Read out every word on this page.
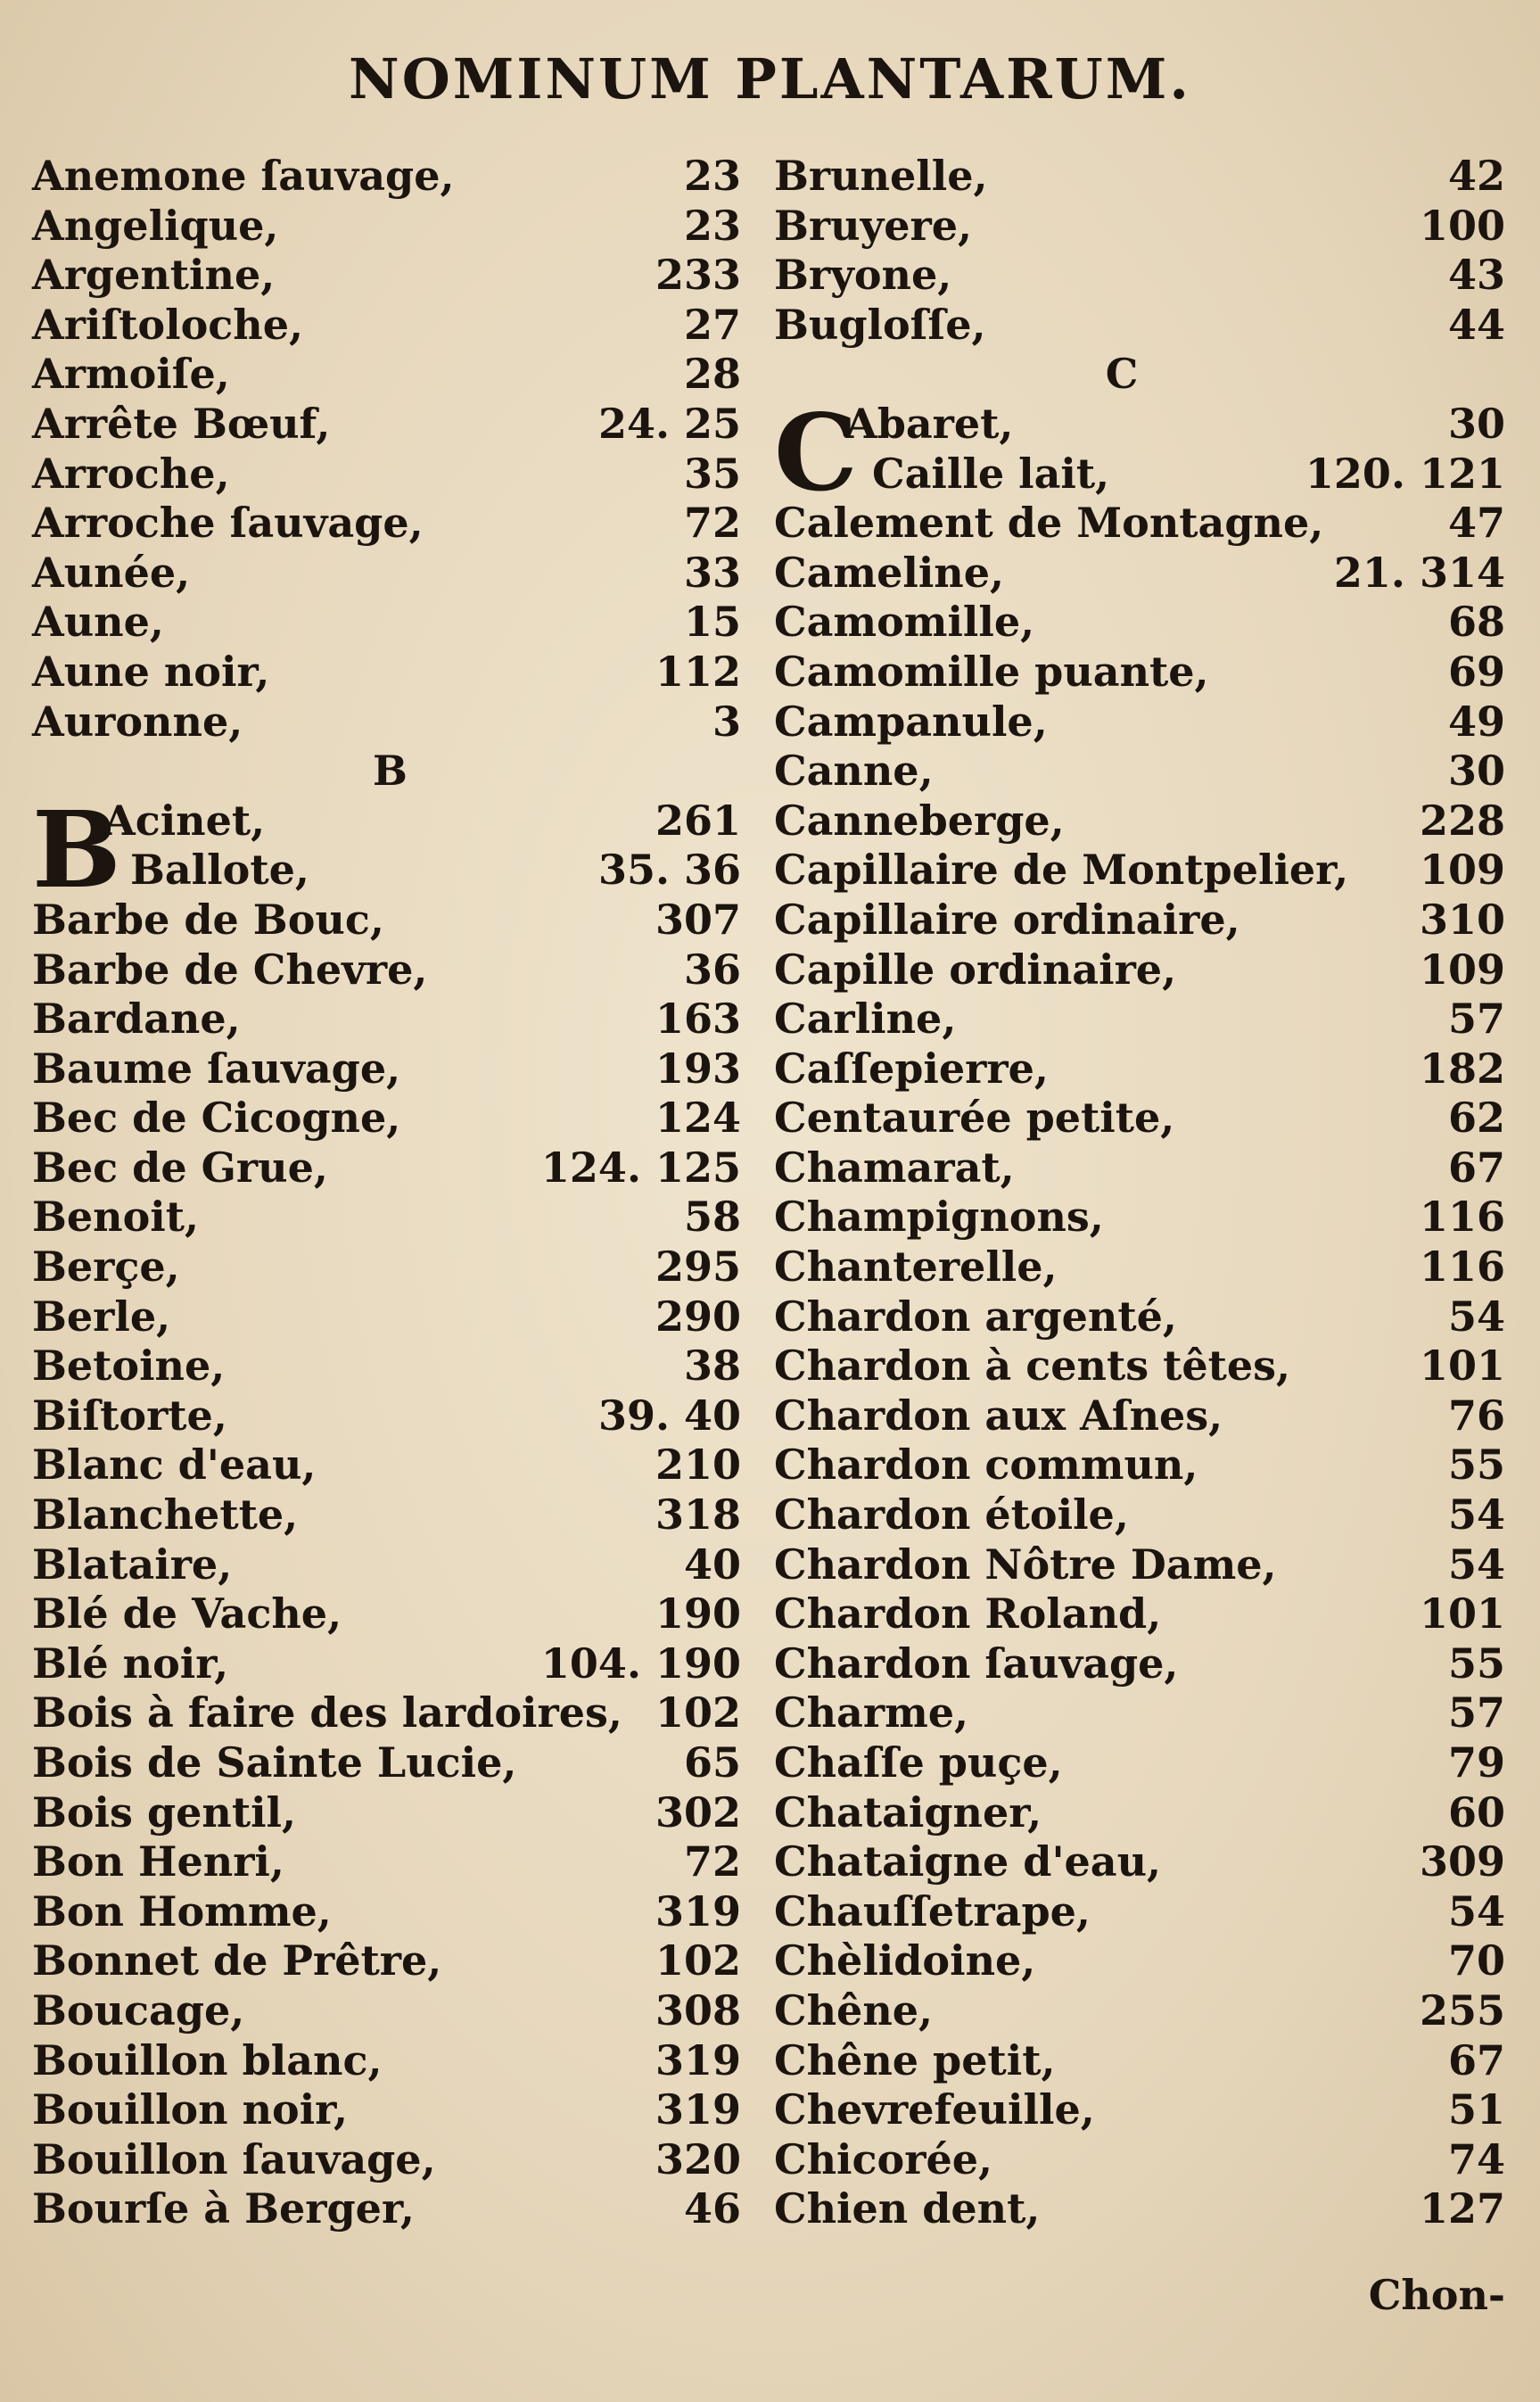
NOMINUM PLANTARUM.
Anemone ſauvage,	23
Angelique,	23
Argentine,	233
Ariſtoloche,	27
Armoiſe,	28
Arrête Bœuf,	24. 25
Arroche,	35
Arroche ſauvage,	72
Aunée,	33
Aune,	15
Aune noir,	112
Auronne,	3
B
B
Acinet,	261
Ballote,	35. 36
Barbe de Bouc,	307
Barbe de Chevre,	36
Bardane,	163
Baume ſauvage,	193
Bec de Cicogne,	124
Bec de Grue,	124. 125
Benoit,	58
Berçe,	295
Berle,	290
Betoine,	38
Biſtorte,	39. 40
Blanc d'eau,	210
Blanchette,	318
Blataire,	40
Blé de Vache,	190
Blé noir,	104. 190
Bois à faire des lardoires, 102
Bois de Sainte Lucie,	65
Bois gentil,	302
Bon Henri,	72
Bon Homme,	319
Bonnet de Prêtre,	102
Boucage,	308
Bouillon blanc,	319
Bouillon noir,	319
Bouillon ſauvage,	320
Bourſe à Berger,	46
Brunelle,	42
Bruyere,	100
Bryone,	43
Bugloſſe,	44
C
C
Abaret,	30
Caille lait,	120. 121
Calement de Montagne,	47
Cameline,	21. 314
Camomille,	68
Camomille puante,	69
Campanule,	49
Canne,	30
Canneberge,	228
Capillaire de Montpelier, 109
Capillaire ordinaire,	310
Capille ordinaire,	109
Carline,	57
Caſſepierre,	182
Centaurée petite,	62
Chamarat,	67
Champignons,	116
Chanterelle,	116
Chardon argenté,	54
Chardon à cents têtes,	101
Chardon aux Aſnes,	76
Chardon commun,	55
Chardon étoile,	54
Chardon Nôtre Dame,	54
Chardon Roland,	101
Chardon ſauvage,	55
Charme,	57
Chaſſe puçe,	79
Chataigner,	60
Chataigne d'eau,	309
Chauſſetrape,	54
Chèlidoine,	70
Chêne,	255
Chêne petit,	67
Chevrefeuille,	51
Chicorée,	74
Chien dent,	127
Chon-
